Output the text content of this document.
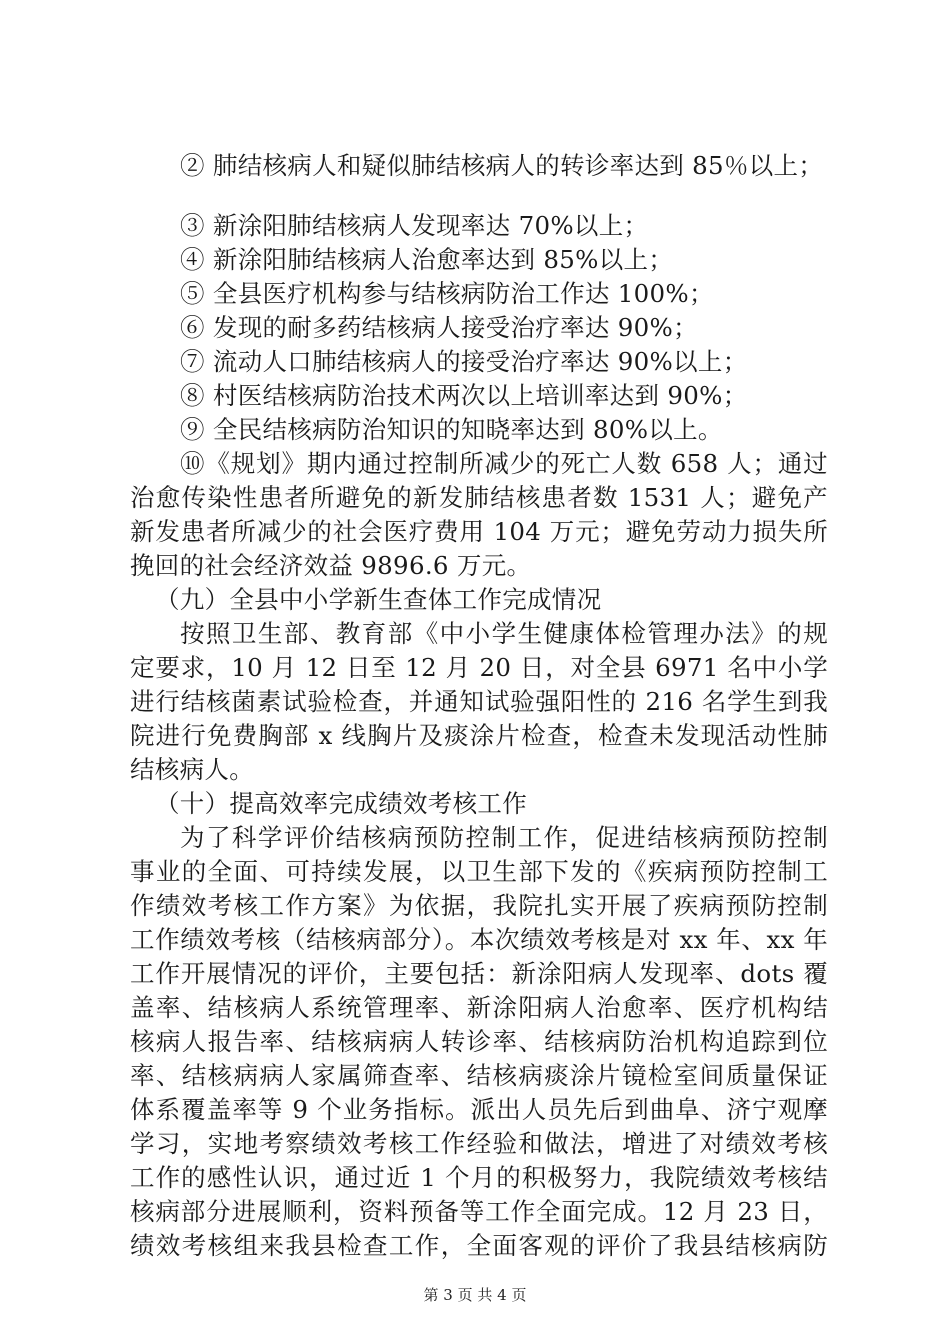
② 肺结核病人和疑似肺结核病人的转诊率达到 85％以上；
③ 新涂阳肺结核病人发现率达 70%以上；
④ 新涂阳肺结核病人治愈率达到 85%以上；
⑤ 全县医疗机构参与结核病防治工作达 100%；
⑥ 发现的耐多药结核病人接受治疗率达 90%；
⑦ 流动人口肺结核病人的接受治疗率达 90%以上；
⑧ 村医结核病防治技术两次以上培训率达到 90%；
⑨ 全民结核病防治知识的知晓率达到 80%以上。
⑩《规划》期内通过控制所减少的死亡人数 658 人；通过
治愈传染性患者所避免的新发肺结核患者数 1531 人；避免产
新发患者所减少的社会医疗费用 104 万元；避免劳动力损失所
挽回的社会经济效益 9896.6 万元。
（九）全县中小学新生查体工作完成情况
按照卫生部、教育部《中小学生健康体检管理办法》的规
定要求，10 月 12 日至 12 月 20 日，对全县 6971 名中小学
进行结核菌素试验检查，并通知试验强阳性的 216 名学生到我
院进行免费胸部 x 线胸片及痰涂片检查，检查未发现活动性肺
结核病人。
（十）提高效率完成绩效考核工作
为了科学评价结核病预防控制工作，促进结核病预防控制
事业的全面、可持续发展，以卫生部下发的《疾病预防控制工
作绩效考核工作方案》为依据，我院扎实开展了疾病预防控制
工作绩效考核（结核病部分）。本次绩效考核是对 xx 年、xx 年
工作开展情况的评价，主要包括：新涂阳病人发现率、dots 覆
盖率、结核病人系统管理率、新涂阳病人治愈率、医疗机构结
核病人报告率、结核病病人转诊率、结核病防治机构追踪到位
率、结核病病人家属筛查率、结核病痰涂片镜检室间质量保证
体系覆盖率等 9 个业务指标。派出人员先后到曲阜、济宁观摩
学习，实地考察绩效考核工作经验和做法，增进了对绩效考核
工作的感性认识，通过近 1 个月的积极努力，我院绩效考核结
核病部分进展顺利，资料预备等工作全面完成。12 月 23 日，
绩效考核组来我县检查工作，全面客观的评价了我县结核病防
第 3 页 共 4 页
